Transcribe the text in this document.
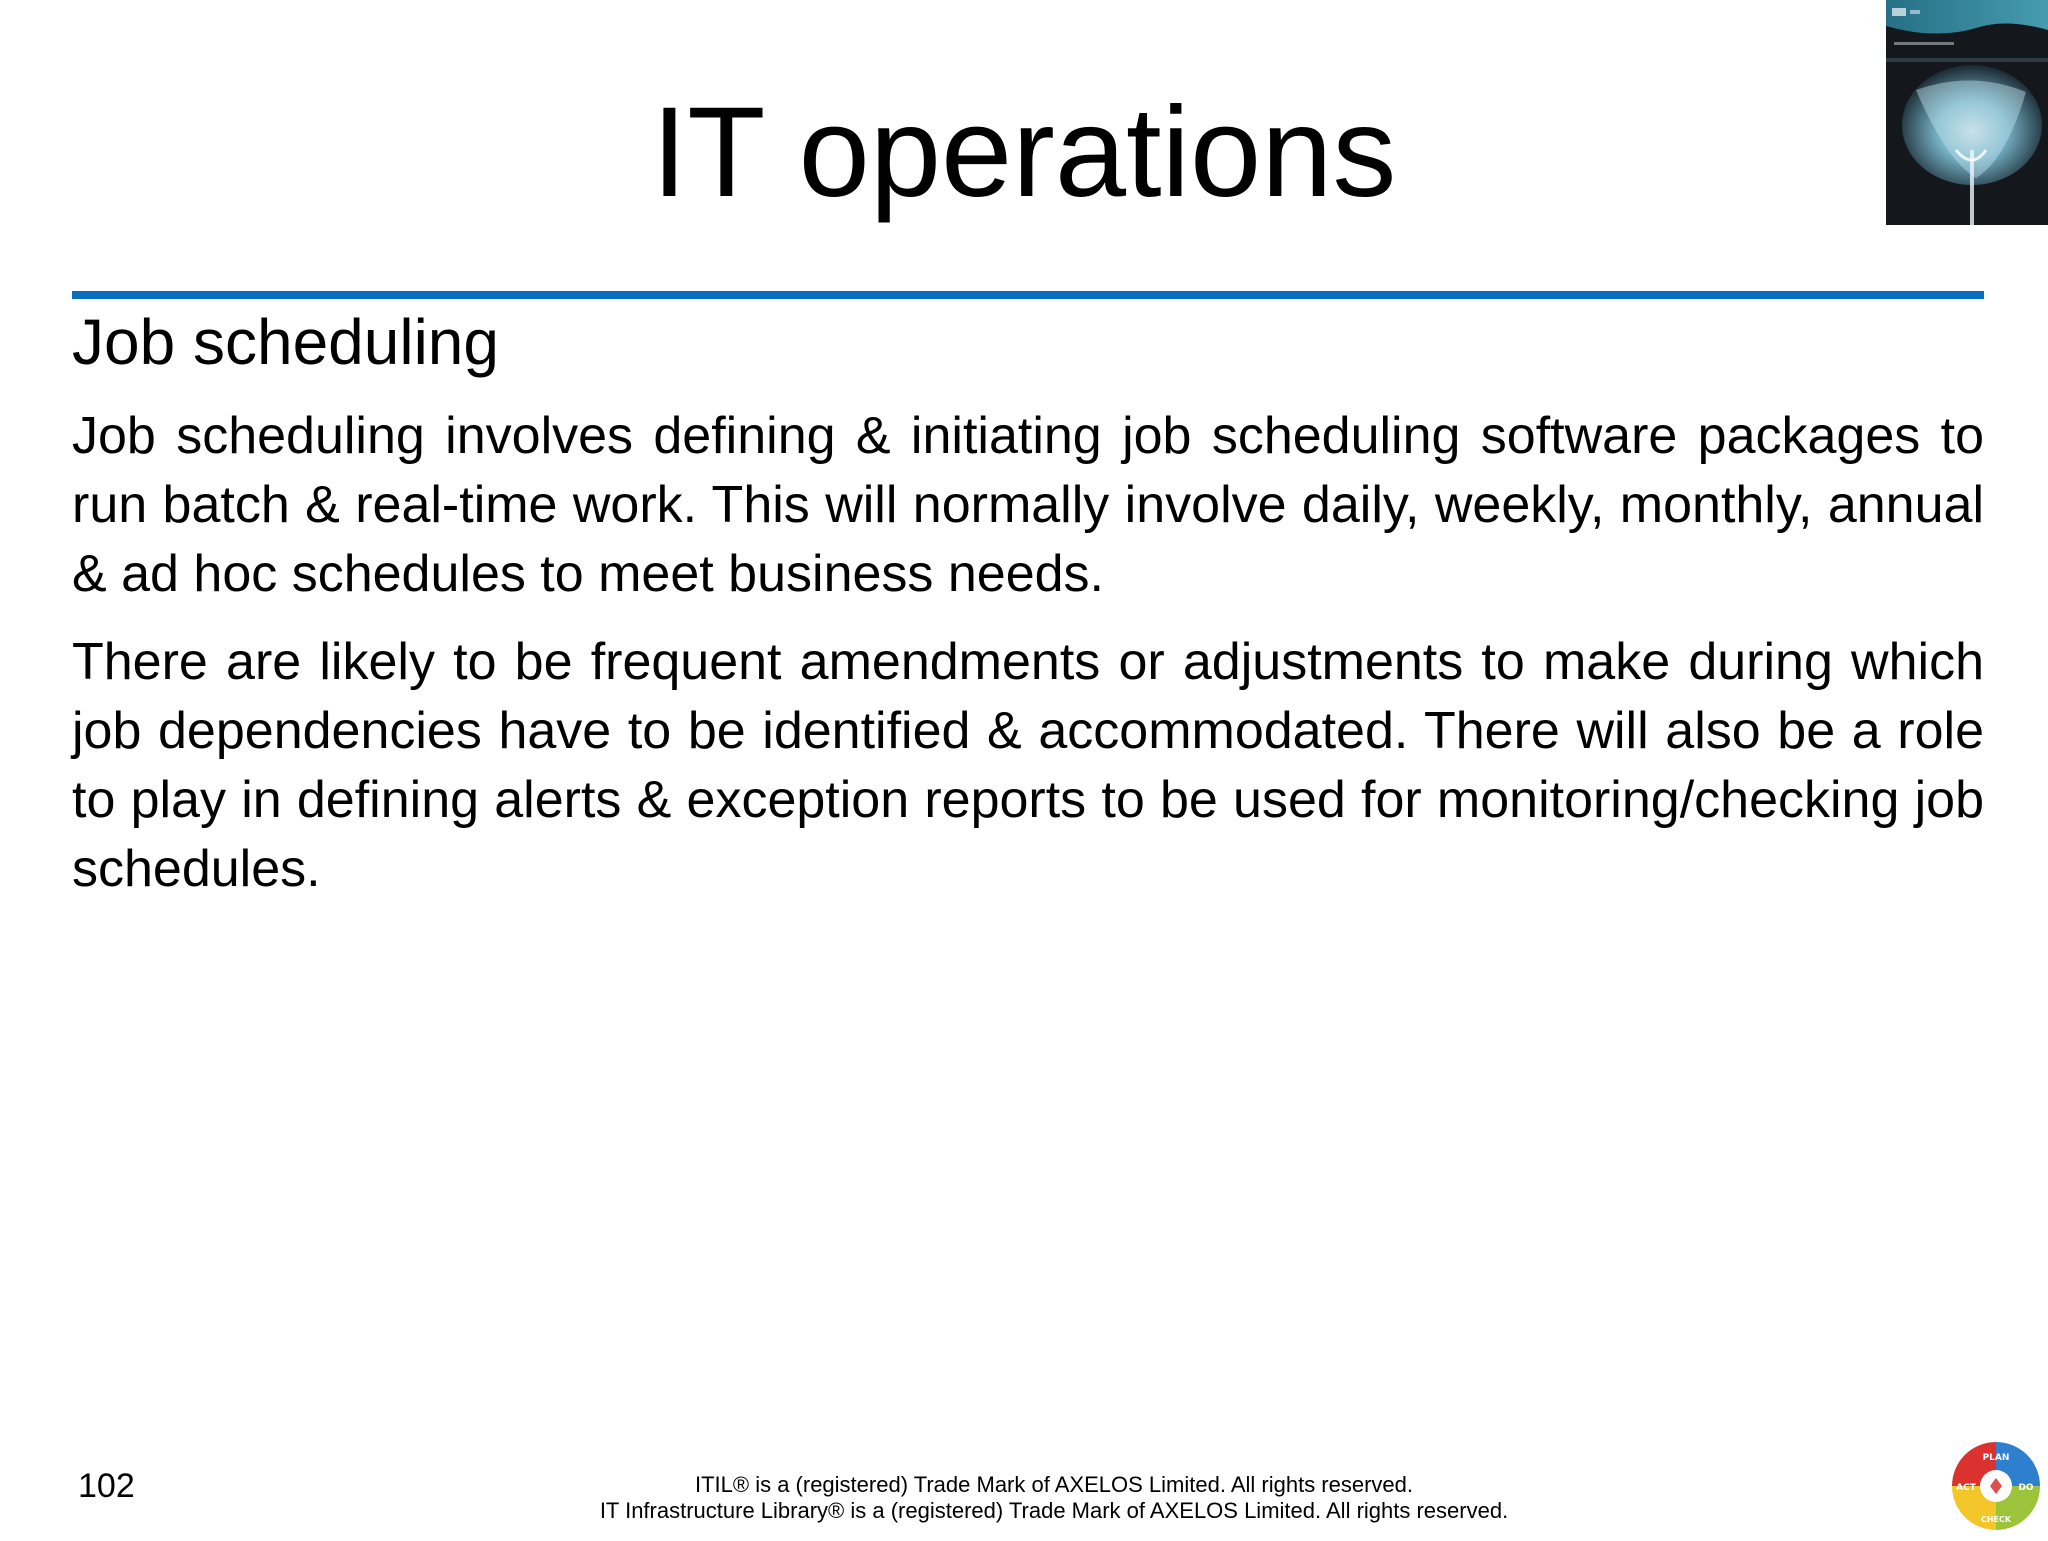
IT operations
Job scheduling

Job scheduling involves defining & initiating job scheduling software packages to run batch & real-time work. This will normally involve daily, weekly, monthly, annual & ad hoc schedules to meet business needs.

There are likely to be frequent amendments or adjustments to make during which job dependencies have to be identified & accommodated. There will also be a role to play in defining alerts & exception reports to be used for monitoring/checking job schedules.

102	ITIL® is a (registered) Trade Mark of AXELOS Limited. All rights reserved.
IT Infrastructure Library® is a (registered) Trade Mark of AXELOS Limited. All rights reserved.
PLAN
DO
CHECK
ACT
